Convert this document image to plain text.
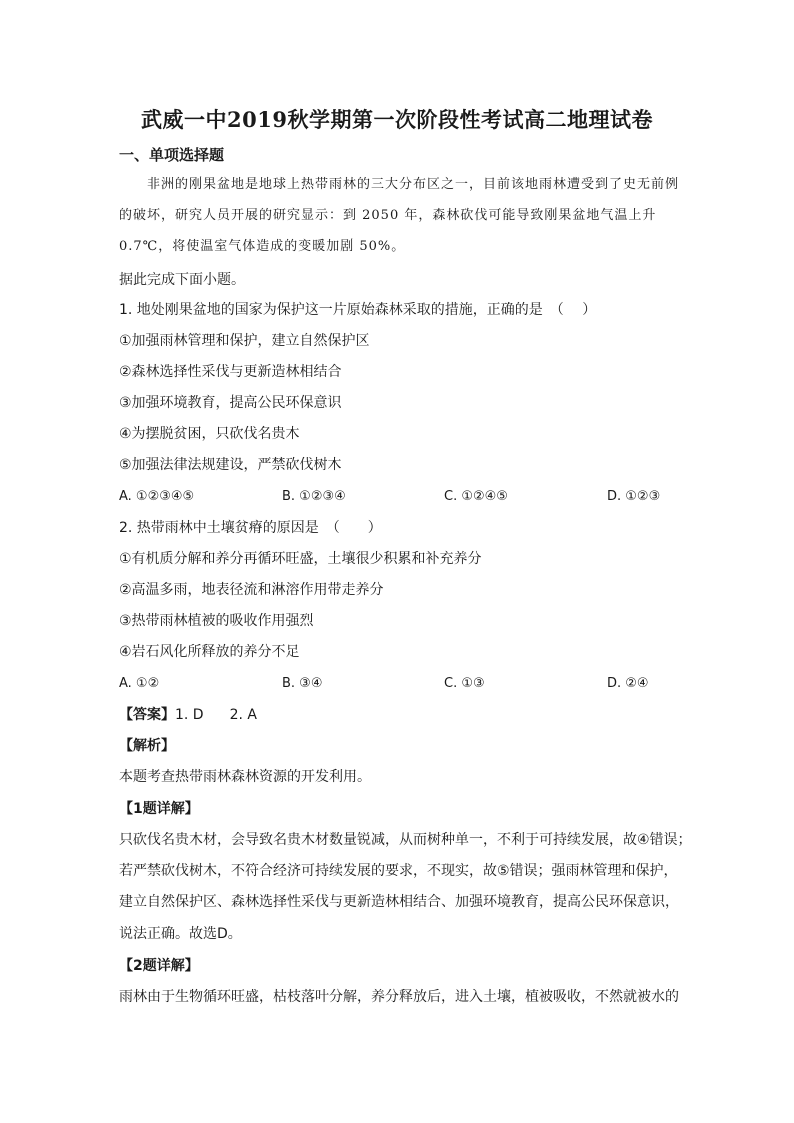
武威一中2019秋学期第一次阶段性考试高二地理试卷
一、单项选择题
非洲的刚果盆地是地球上热带雨林的三大分布区之一，目前该地雨林遭受到了史无前例
的破坏，研究人员开展的研究显示：到 2050 年，森林砍伐可能导致刚果盆地气温上升
0.7℃，将使温室气体造成的变暖加剧 50%。
据此完成下面小题。
1. 地处刚果盆地的国家为保护这一片原始森林采取的措施，正确的是　（　 ）
①加强雨林管理和保护，建立自然保护区
②森林选择性采伐与更新造林相结合
③加强环境教育，提高公民环保意识
④为摆脱贫困，只砍伐名贵木
⑤加强法律法规建设，严禁砍伐树木
A. ①②③④⑤	B. ①②③④	C. ①②④⑤	D. ①②③
2. 热带雨林中土壤贫瘠的原因是　（　　）
①有机质分解和养分再循环旺盛，土壤很少积累和补充养分
②高温多雨，地表径流和淋溶作用带走养分
③热带雨林植被的吸收作用强烈
④岩石风化所释放的养分不足
A. ①②	B. ③④	C. ①③	D. ②④
【答案】1. D 2. A
【解析】
本题考查热带雨林森林资源的开发利用。
【1题详解】
只砍伐名贵木材，会导致名贵木材数量锐减，从而树种单一，不利于可持续发展，故④错误；
若严禁砍伐树木，不符合经济可持续发展的要求，不现实，故⑤错误；强雨林管理和保护，
建立自然保护区、森林选择性采伐与更新造林相结合、加强环境教育，提高公民环保意识，
说法正确。故选D。
【2题详解】
雨林由于生物循环旺盛，枯枝落叶分解，养分释放后，进入土壤，植被吸收，不然就被水的
